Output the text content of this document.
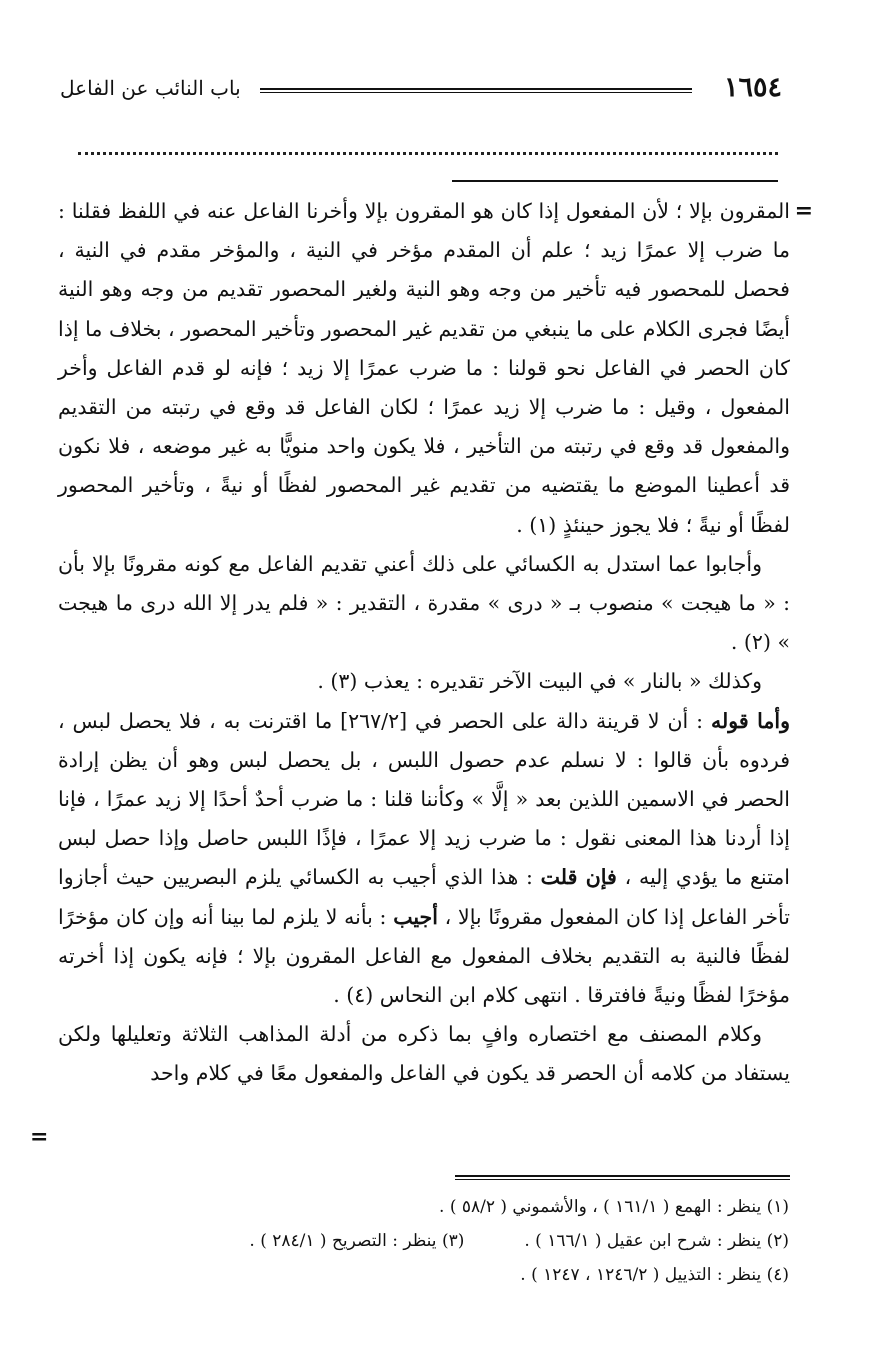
١٦٥٤
باب النائب عن الفاعل
=

المقرون بإلا ؛ لأن المفعول إذا كان هو المقرون بإلا وأخرنا الفاعل عنه في اللفظ فقلنا : ما ضرب إلا عمرًا زيد ؛ علم أن المقدم مؤخر في النية ، والمؤخر مقدم في النية ، فحصل للمحصور فيه تأخير من وجه وهو النية ولغير المحصور تقديم من وجه وهو النية أيضًا فجرى الكلام على ما ينبغي من تقديم غير المحصور وتأخير المحصور ، بخلاف ما إذا كان الحصر في الفاعل نحو قولنا : ما ضرب عمرًا إلا زيد ؛ فإنه لو قدم الفاعل وأخر المفعول ، وقيل : ما ضرب إلا زيد عمرًا ؛ لكان الفاعل قد وقع في رتبته من التقديم والمفعول قد وقع في رتبته من التأخير ، فلا يكون واحد منويًّا به غير موضعه ، فلا نكون قد أعطينا الموضع ما يقتضيه من تقديم غير المحصور لفظًا أو نيةً ، وتأخير المحصور لفظًا أو نيةً ؛ فلا يجوز حينئذٍ (١) .

وأجابوا عما استدل به الكسائي على ذلك أعني تقديم الفاعل مع كونه مقرونًا بإلا بأن : « ما هيجت » منصوب بـ « درى » مقدرة ، التقدير : « فلم يدر إلا الله درى ما هيجت » (٢) .

وكذلك « بالنار » في البيت الآخر تقديره : يعذب (٣) .

وأما قوله : أن لا قرينة دالة على الحصر في [٢٦٧/٢] ما اقترنت به ، فلا يحصل لبس ، فردوه بأن قالوا : لا نسلم عدم حصول اللبس ، بل يحصل لبس وهو أن يظن إرادة الحصر في الاسمين اللذين بعد « إلَّا » وكأننا قلنا : ما ضرب أحدٌ أحدًا إلا زيد عمرًا ، فإنا إذا أردنا هذا المعنى نقول : ما ضرب زيد إلا عمرًا ، فإذًا اللبس حاصل وإذا حصل لبس امتنع ما يؤدي إليه ، فإن قلت : هذا الذي أجيب به الكسائي يلزم البصريين حيث أجازوا تأخر الفاعل إذا كان المفعول مقرونًا بإلا ، أجيب : بأنه لا يلزم لما بينا أنه وإن كان مؤخرًا لفظًا فالنية به التقديم بخلاف المفعول مع الفاعل المقرون بإلا ؛ فإنه يكون إذا أخرته مؤخرًا لفظًا ونيةً فافترقا . انتهى كلام ابن النحاس (٤) .

وكلام المصنف مع اختصاره وافٍ بما ذكره من أدلة المذاهب الثلاثة وتعليلها ولكن يستفاد من كلامه أن الحصر قد يكون في الفاعل والمفعول معًا في كلام واحد

=
(١) ينظر : الهمع ( ١٦١/١ ) ، والأشموني ( ٥٨/٢ ) .
(٢) ينظر : شرح ابن عقيل ( ١٦٦/١ ) .
(٣) ينظر : التصريح ( ٢٨٤/١ ) .
(٤) ينظر : التذييل ( ١٢٤٦/٢ ، ١٢٤٧ ) .
